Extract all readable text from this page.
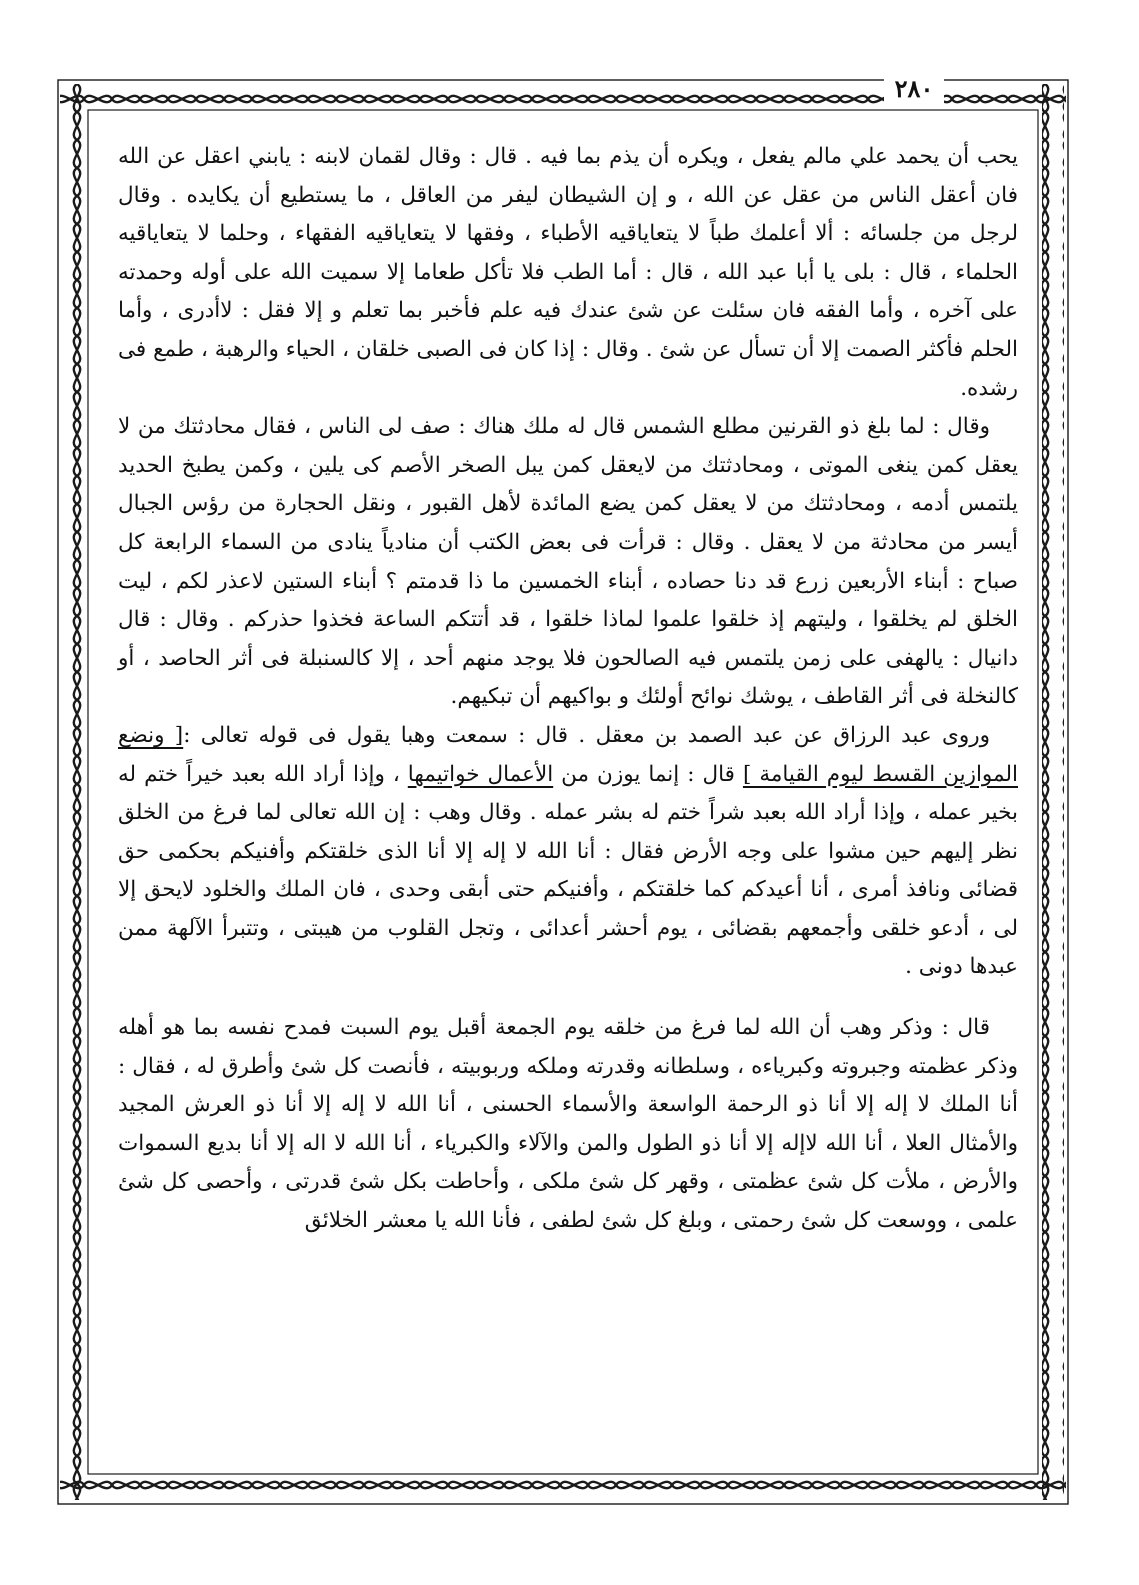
٢٨٠

يحب أن يحمد علي مالم يفعل ، ويكره أن يذم بما فيه . قال : وقال لقمان لابنه : يابني اعقل عن الله فان أعقل الناس من عقل عن الله ، و إن الشيطان ليفر من العاقل ، ما يستطيع أن يكايده . وقال لرجل من جلسائه : ألا أعلمك طباً لا يتعاياقيه الأطباء ، وفقها لا يتعاياقيه الفقهاء ، وحلما لا يتعاياقيه الحلماء ، قال : بلى يا أبا عبد الله ، قال : أما الطب فلا تأكل طعاما إلا سميت الله على أوله وحمدته على آخره ، وأما الفقه فان سئلت عن شئ عندك فيه علم فأخبر بما تعلم و إلا فقل : لاأدرى ، وأما الحلم فأكثر الصمت إلا أن تسأل عن شئ . وقال : إذا كان فى الصبى خلقان ، الحياء والرهبة ، طمع فى رشده.

وقال : لما بلغ ذو القرنين مطلع الشمس قال له ملك هناك : صف لى الناس ، فقال محادثتك من لا يعقل كمن ينغى الموتى ، ومحادثتك من لايعقل كمن يبل الصخر الأصم كى يلين ، وكمن يطبخ الحديد يلتمس أدمه ، ومحادثتك من لا يعقل كمن يضع المائدة لأهل القبور ، ونقل الحجارة من رؤس الجبال أيسر من محادثة من لا يعقل . وقال : قرأت فى بعض الكتب أن منادياً ينادى من السماء الرابعة كل صباح : أبناء الأربعين زرع قد دنا حصاده ، أبناء الخمسين ما ذا قدمتم ؟ أبناء الستين لاعذر لكم ، ليت الخلق لم يخلقوا ، وليتهم إذ خلقوا علموا لماذا خلقوا ، قد أتتكم الساعة فخذوا حذركم . وقال : قال دانيال : يالهفى على زمن يلتمس فيه الصالحون فلا يوجد منهم أحد ، إلا كالسنبلة فى أثر الحاصد ، أو كالنخلة فى أثر القاطف ، يوشك نوائح أولئك و بواكيهم أن تبكيهم.

وروى عبد الرزاق عن عبد الصمد بن معقل . قال : سمعت وهبا يقول فى قوله تعالى :[ ونضع الموازين القسط ليوم القيامة ] قال : إنما يوزن من الأعمال خواتيمها ، وإذا أراد الله بعبد خيراً ختم له بخير عمله ، وإذا أراد الله بعبد شراً ختم له بشر عمله . وقال وهب : إن الله تعالى لما فرغ من الخلق نظر إليهم حين مشوا على وجه الأرض فقال : أنا الله لا إله إلا أنا الذى خلقتكم وأفنيكم بحكمى حق قضائى ونافذ أمرى ، أنا أعيدكم كما خلقتكم ، وأفنيكم حتى أبقى وحدى ، فان الملك والخلود لايحق إلا لى ، أدعو خلقى وأجمعهم بقضائى ، يوم أحشر أعدائى ، وتجل القلوب من هيبتى ، وتتبرأ الآلهة ممن عبدها دونى .

قال : وذكر وهب أن الله لما فرغ من خلقه يوم الجمعة أقبل يوم السبت فمدح نفسه بما هو أهله وذكر عظمته وجبروته وكبرياءه ، وسلطانه وقدرته وملكه وربوبيته ، فأنصت كل شئ وأطرق له ، فقال : أنا الملك لا إله إلا أنا ذو الرحمة الواسعة والأسماء الحسنى ، أنا الله لا إله إلا أنا ذو العرش المجيد والأمثال العلا ، أنا الله لاإله إلا أنا ذو الطول والمن والآلاء والكبرياء ، أنا الله لا اله إلا أنا بديع السموات والأرض ، ملأت كل شئ عظمتى ، وقهر كل شئ ملكى ، وأحاطت بكل شئ قدرتى ، وأحصى كل شئ علمى ، ووسعت كل شئ رحمتى ، وبلغ كل شئ لطفى ، فأنا الله يا معشر الخلائق
